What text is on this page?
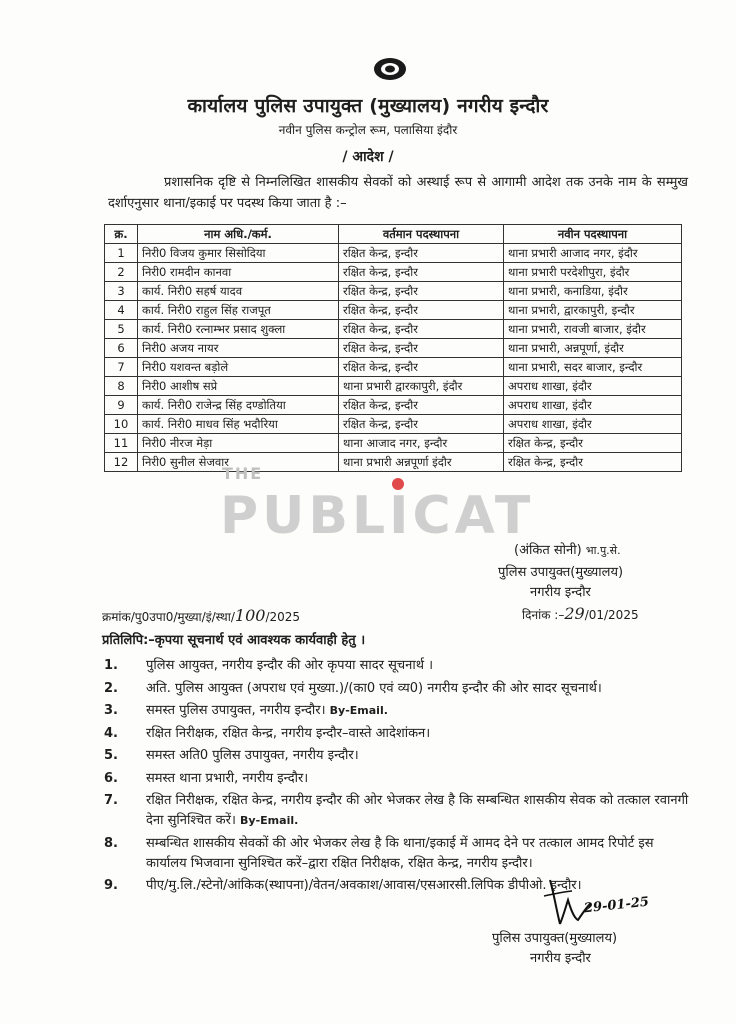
कार्यालय पुलिस उपायुक्त (मुख्यालय) नगरीय इन्दौर
नवीन पुलिस कन्ट्रोल रूम, पलासिया इंदौर
/ आदेश /
प्रशासनिक दृष्टि से निम्नलिखित शासकीय सेवकों को अस्थाई रूप से आगामी आदेश तक उनके नाम के सम्मुख दर्शाएनुसार थाना/इकाई पर पदस्थ किया जाता है :–
क्र.	नाम अधि./कर्म.	वर्तमान पदस्थापना	नवीन पदस्थापना
1	निरी0 विजय कुमार सिसोदिया	रक्षित केन्द्र, इन्दौर	थाना प्रभारी आजाद नगर, इंदौर
2	निरी0 रामदीन कानवा	रक्षित केन्द्र, इन्दौर	थाना प्रभारी परदेशीपुरा, इंदौर
3	कार्य. निरी0 सहर्ष यादव	रक्षित केन्द्र, इन्दौर	थाना प्रभारी, कनाडिया, इंदौर
4	कार्य. निरी0 राहुल सिंह राजपूत	रक्षित केन्द्र, इन्दौर	थाना प्रभारी, द्वारकापुरी, इन्दौर
5	कार्य. निरी0 रत्नाम्भर प्रसाद शुक्ला	रक्षित केन्द्र, इन्दौर	थाना प्रभारी, रावजी बाजार, इंदौर
6	निरी0 अजय नायर	रक्षित केन्द्र, इन्दौर	थाना प्रभारी, अन्नपूर्णा, इंदौर
7	निरी0 यशवन्त बड़ोले	रक्षित केन्द्र, इन्दौर	थाना प्रभारी, सदर बाजार, इन्दौर
8	निरी0 आशीष सप्रे	थाना प्रभारी द्वारकापुरी, इंदौर	अपराध शाखा, इंदौर
9	कार्य. निरी0 राजेन्द्र सिंह दण्डोतिया	रक्षित केन्द्र, इन्दौर	अपराध शाखा, इंदौर
10	कार्य. निरी0 माधव सिंह भदौरिया	रक्षित केन्द्र, इन्दौर	अपराध शाखा, इंदौर
11	निरी0 नीरज मेड़ा	थाना आजाद नगर, इन्दौर	रक्षित केन्द्र, इन्दौर
12	निरी0 सुनील सेजवार	थाना प्रभारी अन्नपूर्णा इंदौर	रक्षित केन्द्र, इन्दौर
THE
PUBLICAT
(अंकित सोनी) भा.पु.से.
पुलिस उपायुक्त(मुख्यालय)
नगरीय इन्दौर
क्रमांक/पु0उपा0/मुख्या/इं/स्था/100/2025	दिनांक :–29/01/2025
प्रतिलिपि:–कृपया सूचनार्थ एवं आवश्यक कार्यवाही हेतु ।
1. पुलिस आयुक्त, नगरीय इन्दौर की ओर कृपया सादर सूचनार्थ ।
2. अति. पुलिस आयुक्त (अपराध एवं मुख्या.)/(का0 एवं व्य0) नगरीय इन्दौर की ओर सादर सूचनार्थ।
3. समस्त पुलिस उपायुक्त, नगरीय इन्दौर। By-Email.
4. रक्षित निरीक्षक, रक्षित केन्द्र, नगरीय इन्दौर–वास्ते आदेशांकन।
5. समस्त अति0 पुलिस उपायुक्त, नगरीय इन्दौर।
6. समस्त थाना प्रभारी, नगरीय इन्दौर।
7. रक्षित निरीक्षक, रक्षित केन्द्र, नगरीय इन्दौर की ओर भेजकर लेख है कि सम्बन्धित शासकीय सेवक को तत्काल रवानगी देना सुनिश्चित करें। By-Email.
8. सम्बन्धित शासकीय सेवकों की ओर भेजकर लेख है कि थाना/इकाई में आमद देने पर तत्काल आमद रिपोर्ट इस कार्यालय भिजवाना सुनिश्चित करें–द्वारा रक्षित निरीक्षक, रक्षित केन्द्र, नगरीय इन्दौर।
9. पीए/मु.लि./स्टेनो/आंकिक(स्थापना)/वेतन/अवकाश/आवास/एसआरसी.लिपिक डीपीओ. इन्दौर।
29-01-25
पुलिस उपायुक्त(मुख्यालय)
नगरीय इन्दौर
